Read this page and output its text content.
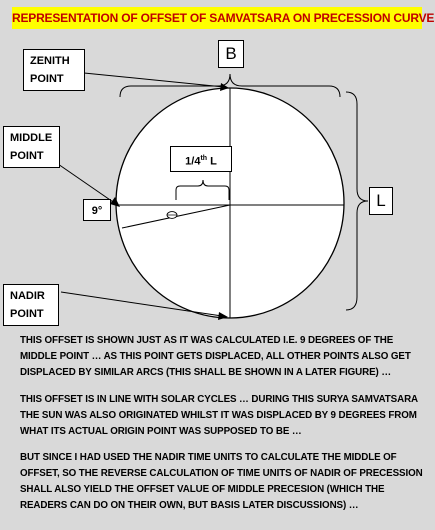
REPRESENTATION OF OFFSET OF SAMVATSARA ON PRECESSION CURVE
ZENITH
POINT
MIDDLE
POINT
NADIR
POINT
B
L
1/4th L
9°
THIS OFFSET IS SHOWN JUST AS IT WAS CALCULATED I.E. 9 DEGREES OF THE MIDDLE POINT … AS THIS POINT GETS DISPLACED, ALL OTHER POINTS ALSO GET DISPLACED BY SIMILAR ARCS (THIS SHALL BE SHOWN IN A LATER FIGURE) …
THIS OFFSET IS IN LINE WITH SOLAR CYCLES … DURING THIS SURYA SAMVATSARA THE SUN WAS ALSO ORIGINATED WHILST IT WAS DISPLACED BY 9 DEGREES FROM WHAT ITS ACTUAL ORIGIN POINT WAS SUPPOSED TO BE …
BUT SINCE I HAD USED THE NADIR TIME UNITS TO CALCULATE THE MIDDLE OF OFFSET, SO THE REVERSE CALCULATION OF TIME UNITS OF NADIR OF PRECESSION SHALL ALSO YIELD THE OFFSET VALUE OF MIDDLE PRECESION (WHICH THE READERS CAN DO ON THEIR OWN, BUT BASIS LATER DISCUSSIONS) …
